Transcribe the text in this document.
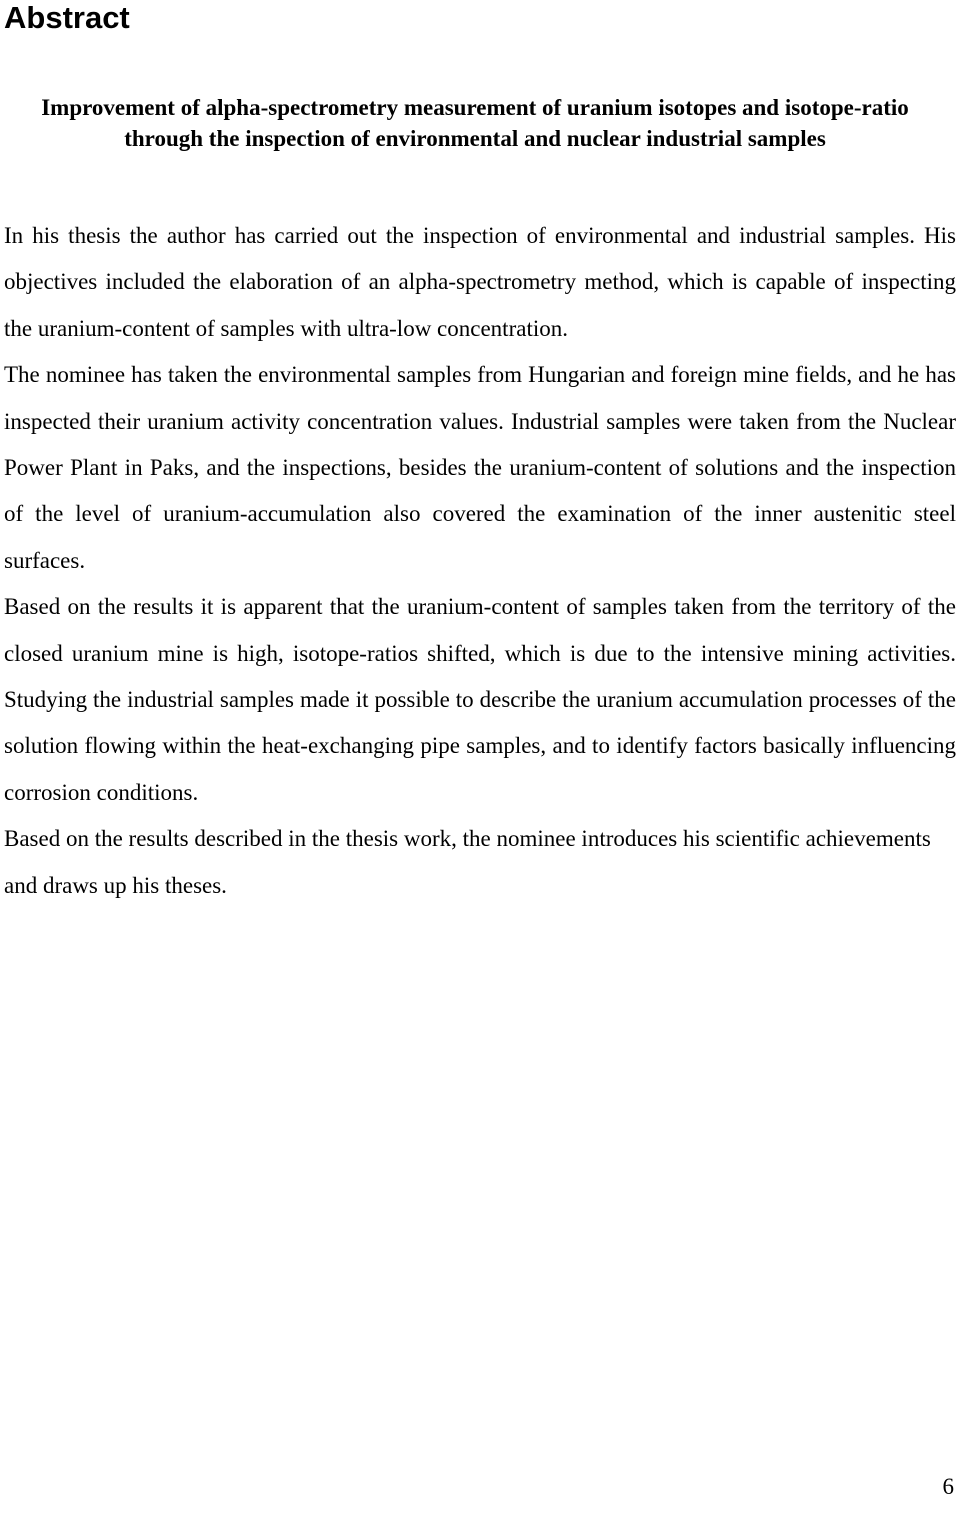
Abstract
Improvement of alpha-spectrometry measurement of uranium isotopes and isotope-ratio through the inspection of environmental and nuclear industrial samples

In his thesis the author has carried out the inspection of environmental and industrial samples. His objectives included the elaboration of an alpha-spectrometry method, which is capable of inspecting the uranium-content of samples with ultra-low concentration.

The nominee has taken the environmental samples from Hungarian and foreign mine fields, and he has inspected their uranium activity concentration values. Industrial samples were taken from the Nuclear Power Plant in Paks, and the inspections, besides the uranium-content of solutions and the inspection of the level of uranium-accumulation also covered the examination of the inner austenitic steel surfaces.

Based on the results it is apparent that the uranium-content of samples taken from the territory of the closed uranium mine is high, isotope-ratios shifted, which is due to the intensive mining activities. Studying the industrial samples made it possible to describe the uranium accumulation processes of the solution flowing within the heat-exchanging pipe samples, and to identify factors basically influencing corrosion conditions.

Based on the results described in the thesis work, the nominee introduces his scientific achievements and draws up his theses.

6
